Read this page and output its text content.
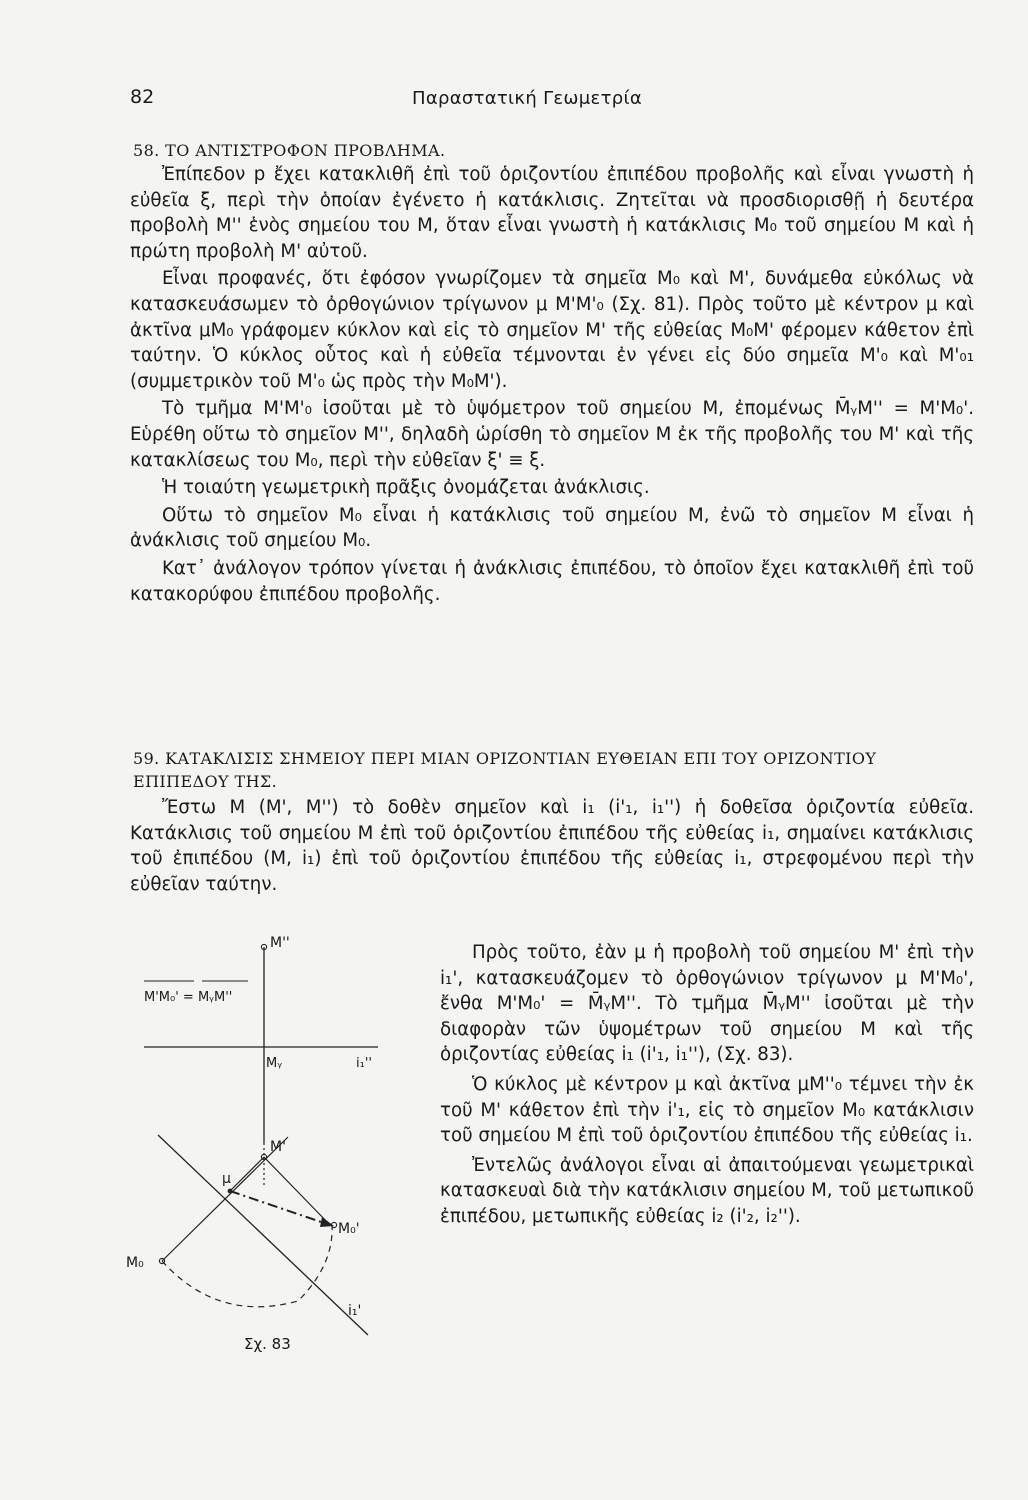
82	Παραστατική Γεωμετρία
58. ΤΟ ΑΝΤΙΣΤΡΟΦΟΝ ΠΡΟΒΛΗΜΑ.

Ἐπίπεδον p ἔχει κατακλιθῆ ἐπὶ τοῦ ὁριζοντίου ἐπιπέδου προβολῆς καὶ εἶναι γνωστὴ ἡ εὐθεῖα ξ, περὶ τὴν ὁποίαν ἐγένετο ἡ κατάκλισις. Ζητεῖται νὰ προσδιορισθῇ ἡ δευτέρα προβολὴ M'' ἑνὸς σημείου του M, ὅταν εἶναι γνωστὴ ἡ κατάκλισις M₀ τοῦ σημείου M καὶ ἡ πρώτη προβολὴ M' αὐτοῦ.

Εἶναι προφανές, ὅτι ἐφόσον γνωρίζομεν τὰ σημεῖα M₀ καὶ M', δυνάμεθα εὐκόλως νὰ κατασκευάσωμεν τὸ ὀρθογώνιον τρίγωνον μ M'M'₀ (Σχ. 81). Πρὸς τοῦτο μὲ κέντρον μ καὶ ἀκτῖνα μM₀ γράφομεν κύκλον καὶ εἰς τὸ σημεῖον M' τῆς εὐθείας M₀M' φέρομεν κάθετον ἐπὶ ταύτην. Ὁ κύκλος οὗτος καὶ ἡ εὐθεῖα τέμνονται ἐν γένει εἰς δύο σημεῖα M'₀ καὶ M'₀₁ (συμμετρικὸν τοῦ M'₀ ὡς πρὸς τὴν M₀M').

Τὸ τμῆμα M'M'₀ ἰσοῦται μὲ τὸ ὑψόμετρον τοῦ σημείου M, ἐπομένως M̄ᵧM'' = M'M₀'. Εὑρέθη οὕτω τὸ σημεῖον M'', δηλαδὴ ὡρίσθη τὸ σημεῖον M ἐκ τῆς προβολῆς του M' καὶ τῆς κατακλίσεως του M₀, περὶ τὴν εὐθεῖαν ξ' ≡ ξ.

Ἡ τοιαύτη γεωμετρικὴ πρᾶξις ὀνομάζεται ἀνάκλισις.

Οὕτω τὸ σημεῖον M₀ εἶναι ἡ κατάκλισις τοῦ σημείου M, ἐνῶ τὸ σημεῖον M εἶναι ἡ ἀνάκλισις τοῦ σημείου M₀.

Κατ᾽ ἀνάλογον τρόπον γίνεται ἡ ἀνάκλισις ἐπιπέδου, τὸ ὁποῖον ἔχει κατακλιθῆ ἐπὶ τοῦ κατακορύφου ἐπιπέδου προβολῆς.

59. ΚΑΤΑΚΛΙΣΙΣ ΣΗΜΕΙΟΥ ΠΕΡΙ ΜΙΑΝ ΟΡΙΖΟΝΤΙΑΝ ΕΥΘΕΙΑΝ ΕΠΙ ΤΟΥ ΟΡΙΖΟΝΤΙΟΥ ΕΠΙΠΕΔΟΥ ΤΗΣ.

Ἔστω M (M', M'') τὸ δοθὲν σημεῖον καὶ i₁ (i'₁, i₁'') ἡ δοθεῖσα ὁριζοντία εὐθεῖα. Κατάκλισις τοῦ σημείου M ἐπὶ τοῦ ὁριζοντίου ἐπιπέδου τῆς εὐθείας i₁, σημαίνει κατάκλισις τοῦ ἐπιπέδου (M, i₁) ἐπὶ τοῦ ὁριζοντίου ἐπιπέδου τῆς εὐθείας i₁, στρεφομένου περὶ τὴν εὐθεῖαν ταύτην.

Πρὸς τοῦτο, ἐὰν μ ἡ προβολὴ τοῦ σημείου M' ἐπὶ τὴν i₁', κατασκευάζομεν τὸ ὀρθογώνιον τρίγωνον μ M'M₀', ἔνθα M'M₀' = M̄ᵧM''. Τὸ τμῆμα M̄ᵧM'' ἰσοῦται μὲ τὴν διαφορὰν τῶν ὑψομέτρων τοῦ σημείου M καὶ τῆς ὁριζοντίας εὐθείας i₁ (i'₁, i₁''), (Σχ. 83).

Ὁ κύκλος μὲ κέντρον μ καὶ ἀκτῖνα μM''₀ τέμνει τὴν ἐκ τοῦ M' κάθετον ἐπὶ τὴν i'₁, εἰς τὸ σημεῖον M₀ κατάκλισιν τοῦ σημείου M ἐπὶ τοῦ ὁριζοντίου ἐπιπέδου τῆς εὐθείας i₁.

Ἐντελῶς ἀνάλογοι εἶναι αἱ ἀπαιτούμεναι γεωμετρικαὶ κατασκευαὶ διὰ τὴν κατάκλισιν σημείου M, τοῦ μετωπικοῦ ἐπιπέδου, μετωπικῆς εὐθείας i₂ (i'₂, i₂'').

M''
M'M₀' = MᵧM''
Mᵧ	i₁''
M'
μ
M₀'
M₀
i₁'
Σχ. 83
